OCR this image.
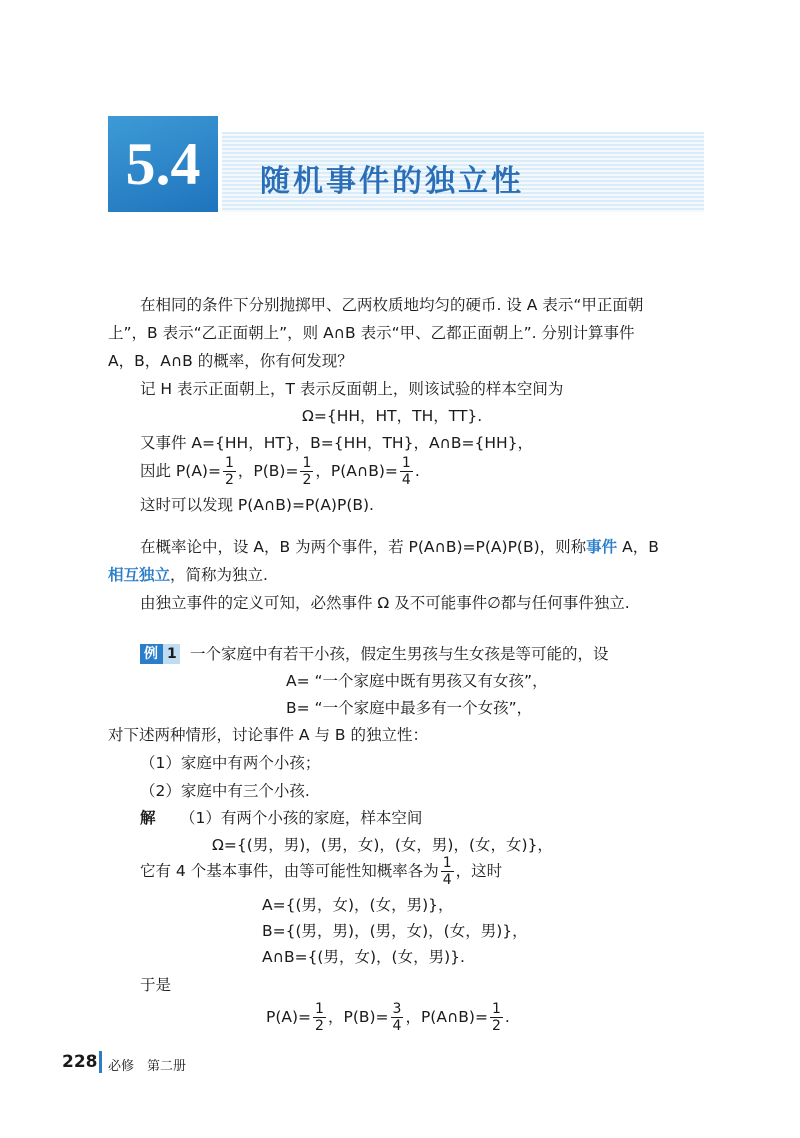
5.4	随机事件的独立性
在相同的条件下分别抛掷甲、乙两枚质地均匀的硬币. 设 A 表示“甲正面朝
上”，B 表示“乙正面朝上”，则 A∩B 表示“甲、乙都正面朝上”. 分别计算事件
A，B，A∩B 的概率，你有何发现？
记 H 表示正面朝上，T 表示反面朝上，则该试验的样本空间为
Ω={HH，HT，TH，TT}.
又事件 A={HH，HT}，B={HH，TH}，A∩B={HH}，
因此 $P(A)= \frac{1}{2}$ ，$P(B)= \frac{1}{2}$ ，P(A∩B)= $\frac{1}{4}$ .
这时可以发现 P(A∩B)=P(A)P(B).
在概率论中，设 A，B 为两个事件，若 P(A∩B)=P(A)P(B)，则称事件 A，B
相互独立，简称为独立.
由独立事件的定义可知，必然事件 Ω 及不可能事件∅都与任何事件独立.
例 1 一个家庭中有若干小孩，假定生男孩与生女孩是等可能的，设
A= “一个家庭中既有男孩又有女孩”，
B= “一个家庭中最多有一个女孩”，
对下述两种情形，讨论事件 A 与 B 的独立性：
（1）家庭中有两个小孩；
（2）家庭中有三个小孩.
解 （1）有两个小孩的家庭，样本空间
Ω={(男，男)，(男，女)，(女，男)，(女，女)}，
它有 4 个基本事件，由等可能性知概率各为 $\frac{1}{4}$ ，这时
A={(男，女)，(女，男)}，
B={(男，男)，(男，女)，(女，男)}，
A∩B={(男，女)，(女，男)}.
于是
$P(A)= \frac{1}{2}$ ，$P(B)= \frac{3}{4}$ ，P(A∩B)= $\frac{1}{2}$ .
228 必修　第二册
